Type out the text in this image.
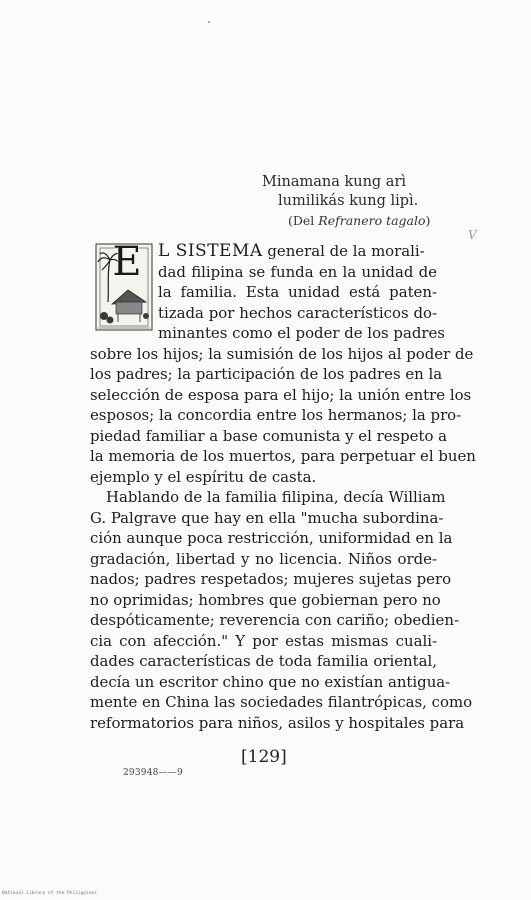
Minamana kung arì
lumilikás kung lipì.
(Del Refranero tagalo)
V
E L SISTEMA general de la morali-
dad filipina se funda en la unidad de
la familia. Esta unidad está paten-
tizada por hechos característicos do-
minantes como el poder de los padres
sobre los hijos; la sumisión de los hijos al poder de
los padres; la participación de los padres en la
selección de esposa para el hijo; la unión entre los
esposos; la concordia entre los hermanos; la pro-
piedad familiar a base comunista y el respeto a
la memoria de los muertos, para perpetuar el buen
ejemplo y el espíritu de casta.
Hablando de la familia filipina, decía William
G. Palgrave que hay en ella "mucha subordina-
ción aunque poca restricción, uniformidad en la
gradación, libertad y no licencia. Niños orde-
nados; padres respetados; mujeres sujetas pero
no oprimidas; hombres que gobiernan pero no
despóticamente; reverencia con cariño; obedien-
cia con afección." Y por estas mismas cuali-
dades características de toda familia oriental,
decía un escritor chino que no existían antigua-
mente en China las sociedades filantrópicas, como
reformatorios para niños, asilos y hospitales para
[129]
293948——9
National Library of the Philippines
